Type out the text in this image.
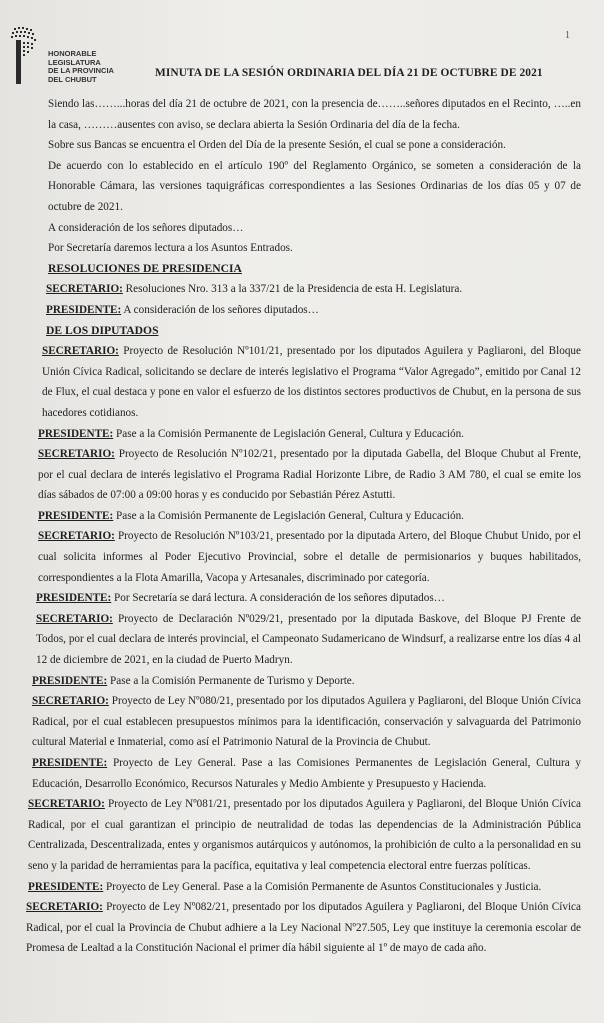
HONORABLE
LEGISLATURA
DE LA PROVINCIA
DEL CHUBUT
1
MINUTA DE LA SESIÓN ORDINARIA DEL DÍA 21 DE OCTUBRE DE 2021

Siendo las……...horas del día 21 de octubre de 2021, con la presencia de……..señores diputados en el Recinto, …..en la casa, ………ausentes con aviso, se declara abierta la Sesión Ordinaria del día de la fecha.

Sobre sus Bancas se encuentra el Orden del Día de la presente Sesión, el cual se pone a consideración.

De acuerdo con lo establecido en el artículo 190º del Reglamento Orgánico, se someten a consideración de la Honorable Cámara, las versiones taquigráficas correspondientes a las Sesiones Ordinarias de los días 05 y 07 de octubre de 2021.

A consideración de los señores diputados…

Por Secretaría daremos lectura a los Asuntos Entrados.

RESOLUCIONES DE PRESIDENCIA

SECRETARIO: Resoluciones Nro. 313 a la 337/21 de la Presidencia de esta H. Legislatura.

PRESIDENTE: A consideración de los señores diputados…

DE LOS DIPUTADOS

SECRETARIO: Proyecto de Resolución Nº101/21, presentado por los diputados Aguilera y Pagliaroni, del Bloque Unión Cívica Radical, solicitando se declare de interés legislativo el Programa “Valor Agregado”, emitido por Canal 12 de Flux, el cual destaca y pone en valor el esfuerzo de los distintos sectores productivos de Chubut, en la persona de sus hacedores cotidianos.

PRESIDENTE: Pase a la Comisión Permanente de Legislación General, Cultura y Educación.

SECRETARIO: Proyecto de Resolución Nº102/21, presentado por la diputada Gabella, del Bloque Chubut al Frente, por el cual declara de interés legislativo el Programa Radial Horizonte Libre, de Radio 3 AM 780, el cual se emite los días sábados de 07:00 a 09:00 horas y es conducido por Sebastián Pérez Astutti.

PRESIDENTE: Pase a la Comisión Permanente de Legislación General, Cultura y Educación.

SECRETARIO: Proyecto de Resolución Nº103/21, presentado por la diputada Artero, del Bloque Chubut Unido, por el cual solicita informes al Poder Ejecutivo Provincial, sobre el detalle de permisionarios y buques habilitados, correspondientes a la Flota Amarilla, Vacopa y Artesanales, discriminado por categoría.

PRESIDENTE: Por Secretaría se dará lectura. A consideración de los señores diputados…

SECRETARIO: Proyecto de Declaración Nº029/21, presentado por la diputada Baskove, del Bloque PJ Frente de Todos, por el cual declara de interés provincial, el Campeonato Sudamericano de Windsurf, a realizarse entre los días 4 al 12 de diciembre de 2021, en la ciudad de Puerto Madryn.

PRESIDENTE: Pase a la Comisión Permanente de Turismo y Deporte.

SECRETARIO: Proyecto de Ley Nº080/21, presentado por los diputados Aguilera y Pagliaroni, del Bloque Unión Cívica Radical, por el cual establecen presupuestos mínimos para la identificación, conservación y salvaguarda del Patrimonio cultural Material e Inmaterial, como así el Patrimonio Natural de la Provincia de Chubut.

PRESIDENTE: Proyecto de Ley General. Pase a las Comisiones Permanentes de Legislación General, Cultura y Educación, Desarrollo Económico, Recursos Naturales y Medio Ambiente y Presupuesto y Hacienda.

SECRETARIO: Proyecto de Ley Nº081/21, presentado por los diputados Aguilera y Pagliaroni, del Bloque Unión Cívica Radical, por el cual garantizan el principio de neutralidad de todas las dependencias de la Administración Pública Centralizada, Descentralizada, entes y organismos autárquicos y autónomos, la prohibición de culto a la personalidad en su seno y la paridad de herramientas para la pacífica, equitativa y leal competencia electoral entre fuerzas políticas.

PRESIDENTE: Proyecto de Ley General. Pase a la Comisión Permanente de Asuntos Constitucionales y Justicia.

SECRETARIO: Proyecto de Ley Nº082/21, presentado por los diputados Aguilera y Pagliaroni, del Bloque Unión Cívica Radical, por el cual la Provincia de Chubut adhiere a la Ley Nacional Nº27.505, Ley que instituye la ceremonia escolar de Promesa de Lealtad a la Constitución Nacional el primer día hábil siguiente al 1º de mayo de cada año.
